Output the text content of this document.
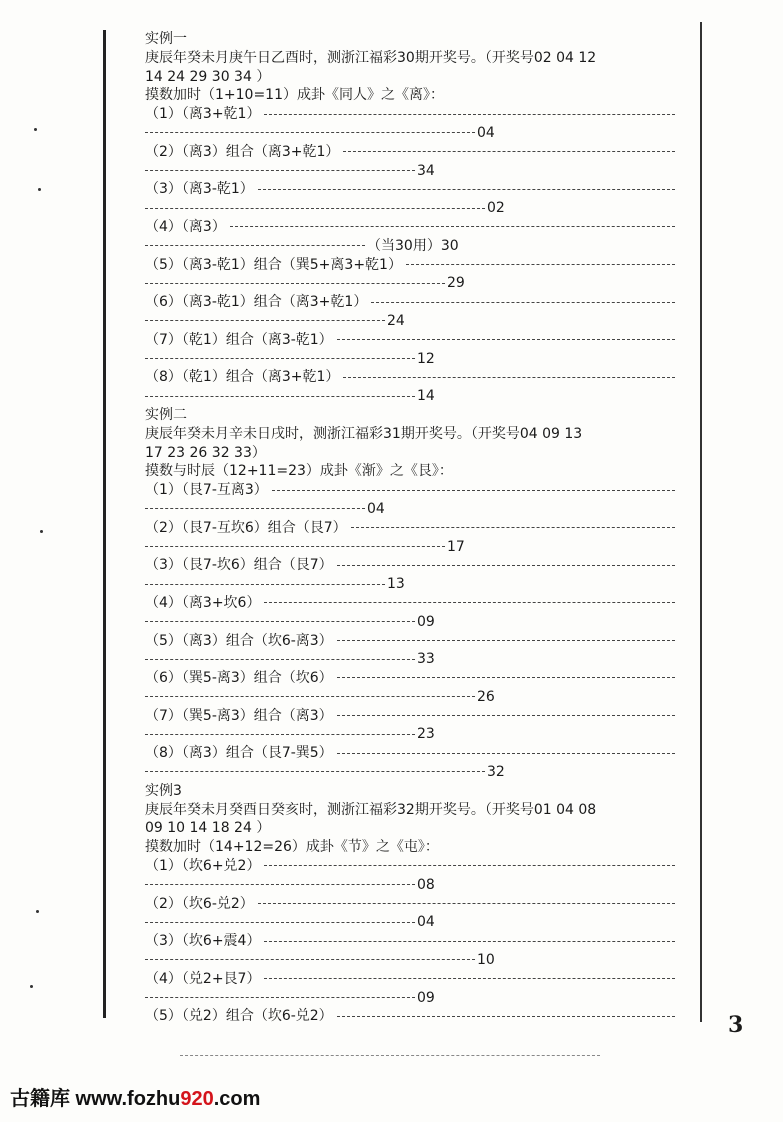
实例一
庚辰年癸未月庚午日乙酉时，测浙江福彩30期开奖号。（开奖号02 04 12
14 24 29 30 34 ）
摸数加时（1+10=11）成卦《同人》之《离》：
（1）（离3+乾1）
04
（2）（离3）组合（离3+乾1）
34
（3）（离3-乾1）
02
（4）（离3）
（当30用）30
（5）（离3-乾1）组合（巽5+离3+乾1）
29
（6）（离3-乾1）组合（离3+乾1）
24
（7）（乾1）组合（离3-乾1）
12
（8）（乾1）组合（离3+乾1）
14
实例二
庚辰年癸未月辛未日戌时，测浙江福彩31期开奖号。（开奖号04 09 13
17 23 26 32 33）
摸数与时辰（12+11=23）成卦《渐》之《艮》：
（1）（艮7-互离3）
04
（2）（艮7-互坎6）组合（艮7）
17
（3）（艮7-坎6）组合（艮7）
13
（4）（离3+坎6）
09
（5）（离3）组合（坎6-离3）
33
（6）（巽5-离3）组合（坎6）
26
（7）（巽5-离3）组合（离3）
23
（8）（离3）组合（艮7-巽5）
32
实例3
庚辰年癸未月癸酉日癸亥时，测浙江福彩32期开奖号。（开奖号01 04 08
09 10 14 18 24 ）
摸数加时（14+12=26）成卦《节》之《屯》：
（1）（坎6+兑2）
08
（2）（坎6-兑2）
04
（3）（坎6+震4）
10
（4）（兑2+艮7）
09
（5）（兑2）组合（坎6-兑2）	3
古籍库 www.fozhu920.com
